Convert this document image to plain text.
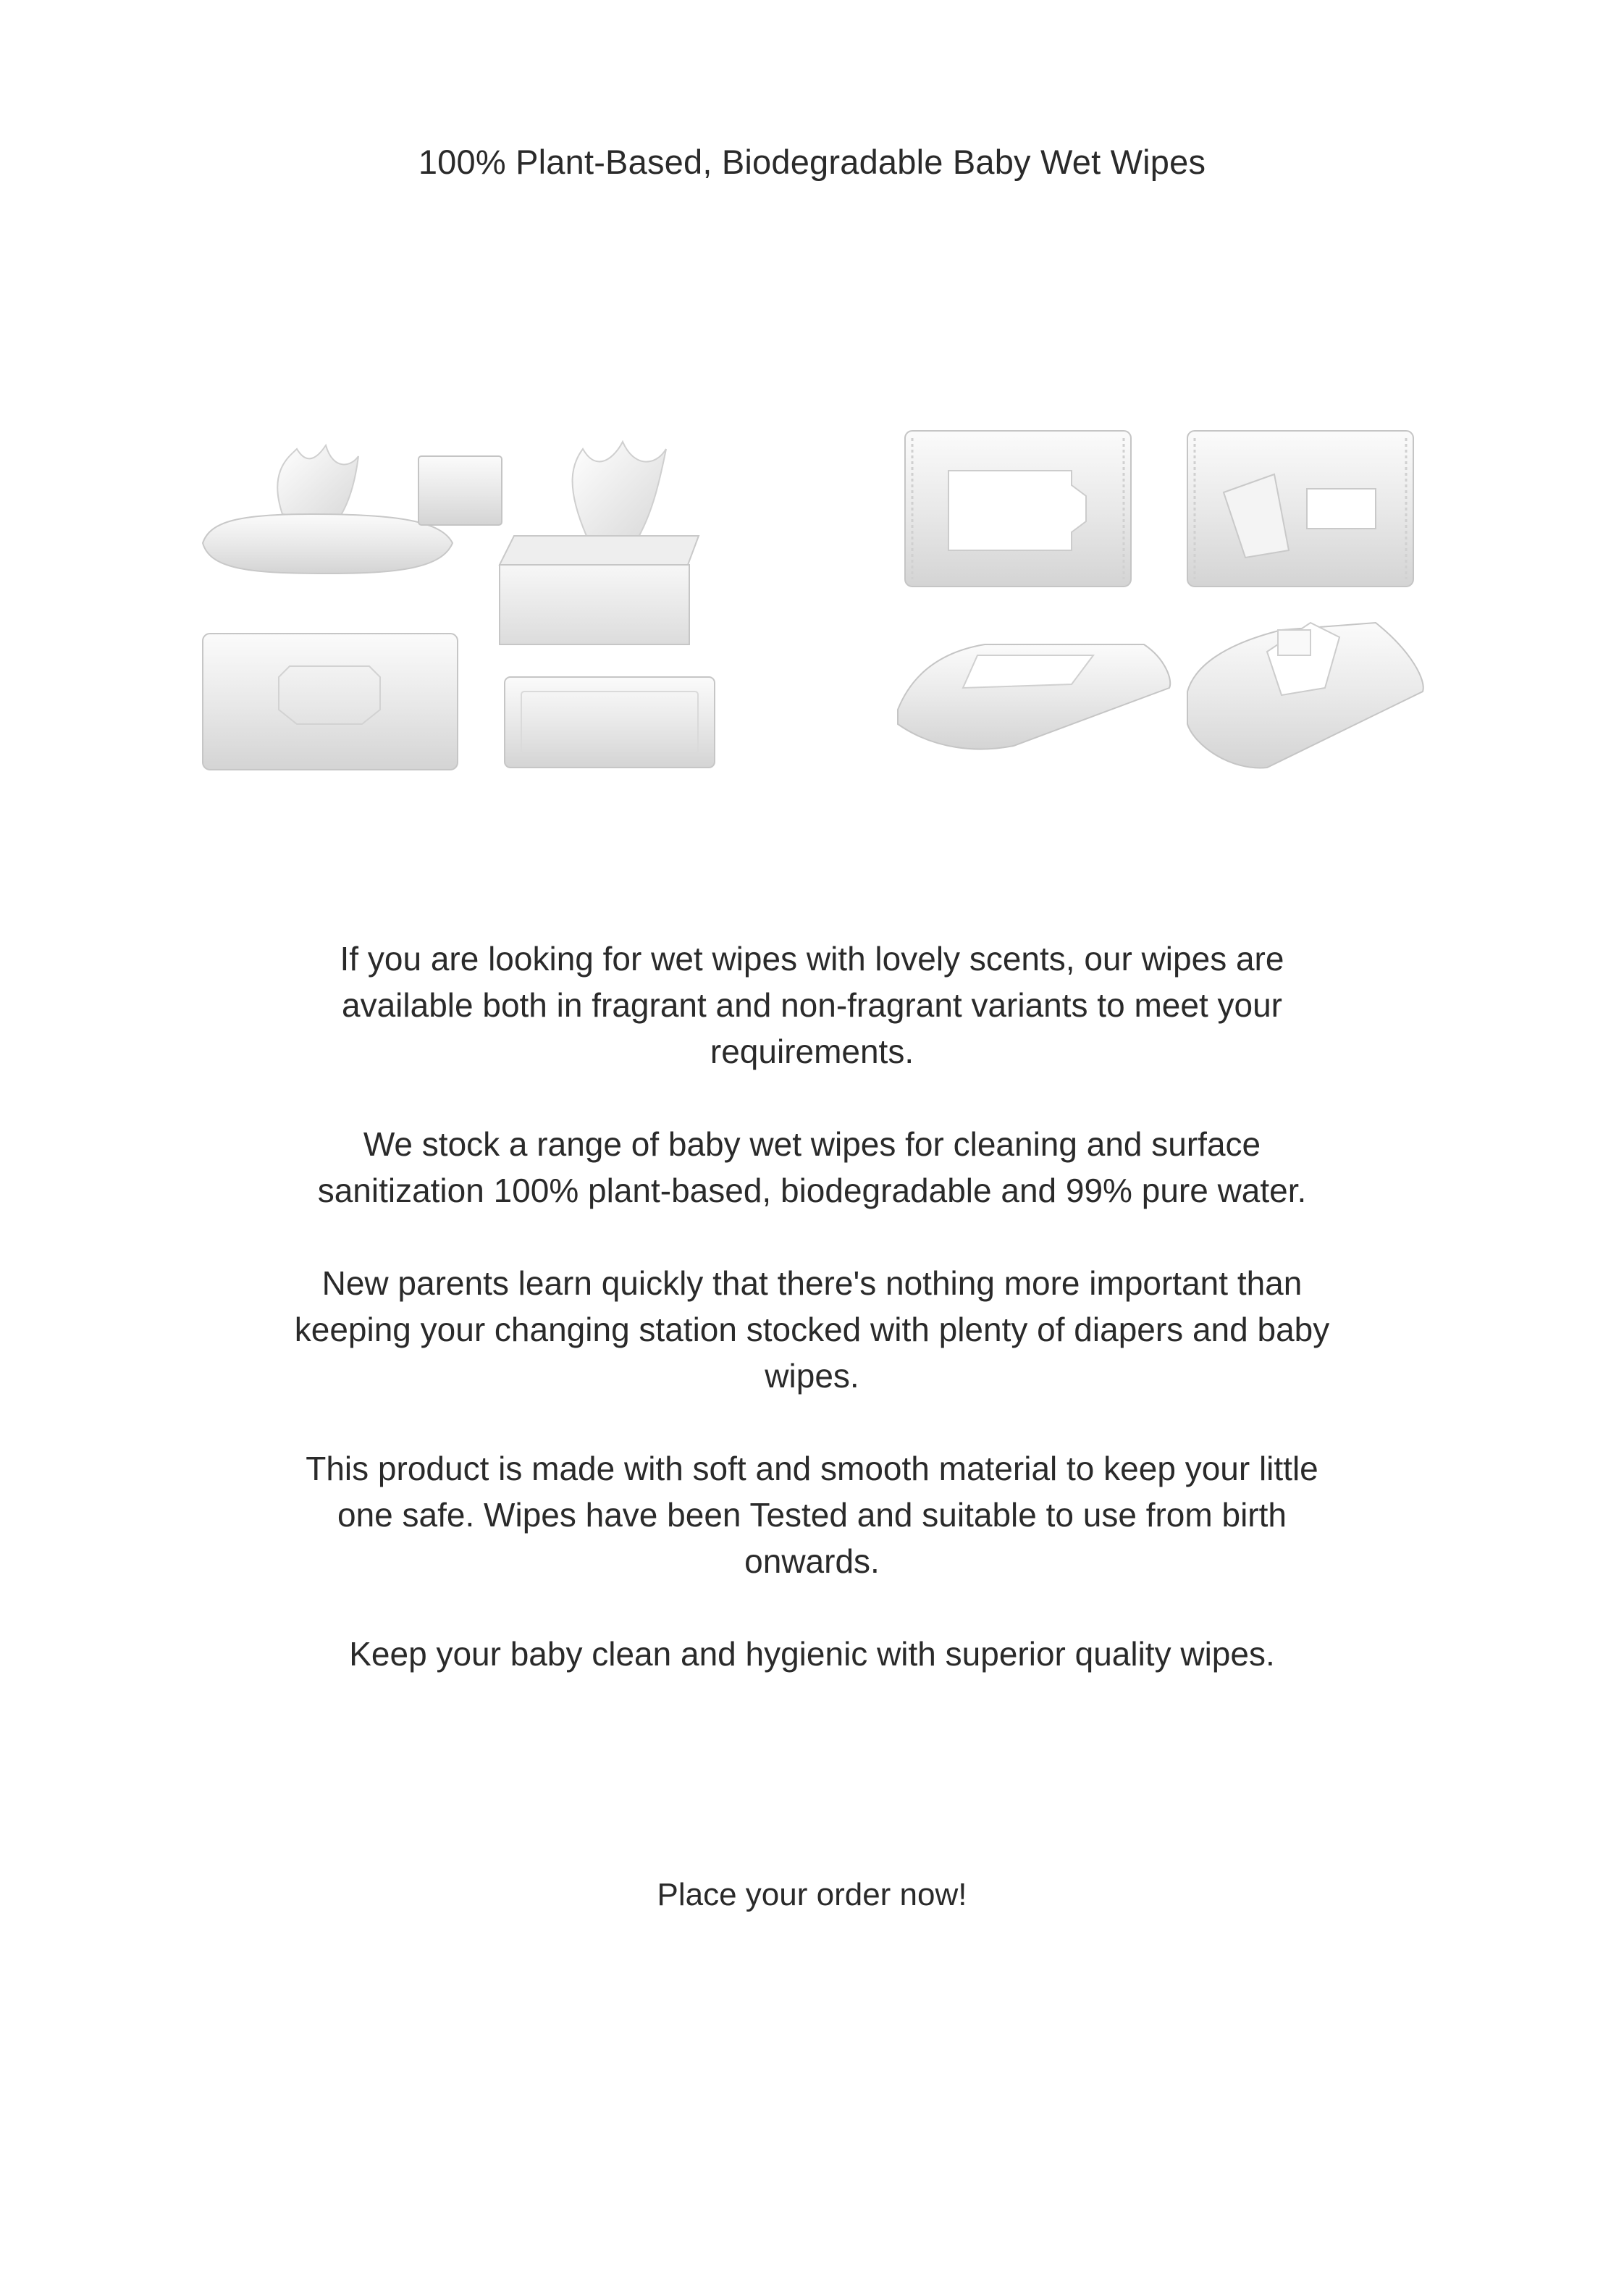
100% Plant-Based, Biodegradable Baby Wet Wipes

If you are looking for wet wipes with lovely scents, our wipes are available both in fragrant and non-fragrant variants to meet your requirements.

We stock a range of baby wet wipes for cleaning and surface sanitization 100% plant-based, biodegradable and 99% pure water.

New parents learn quickly that there's nothing more important than keeping your changing station stocked with plenty of diapers and baby wipes.

This product is made with soft and smooth material to keep your little one safe. Wipes have been Tested and suitable to use from birth onwards.

Keep your baby clean and hygienic with superior quality wipes.

Place your order now!
